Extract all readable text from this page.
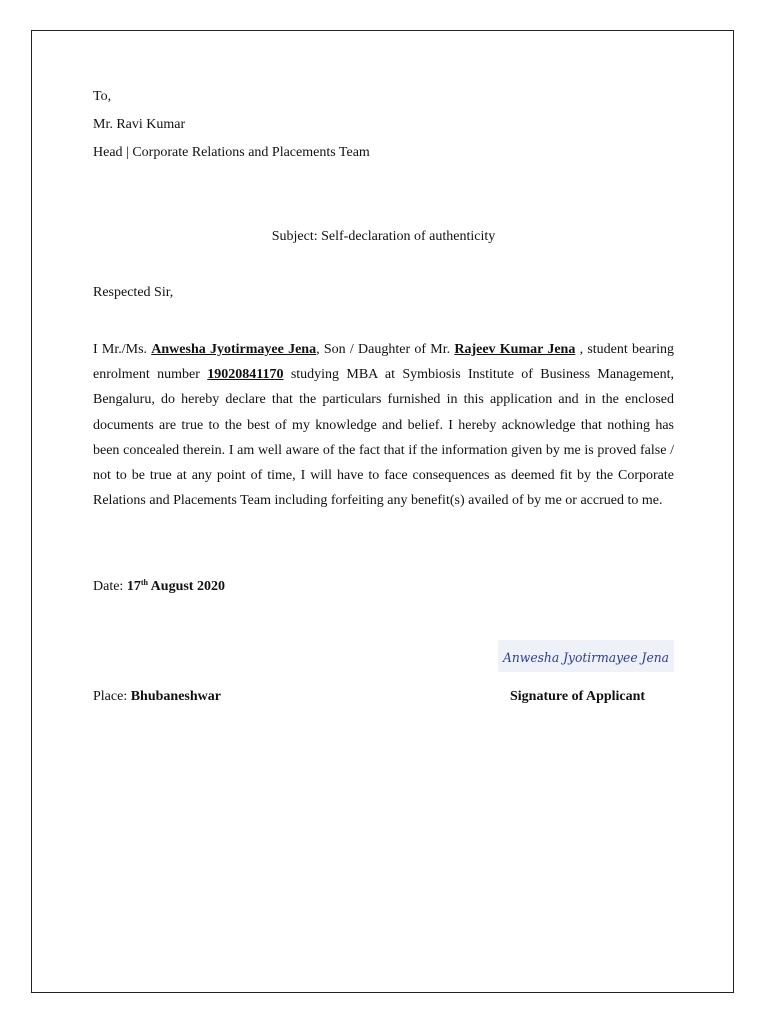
To,
Mr. Ravi Kumar
Head | Corporate Relations and Placements Team
Subject: Self-declaration of authenticity
Respected Sir,
I Mr./Ms. Anwesha Jyotirmayee Jena, Son / Daughter of Mr. Rajeev Kumar Jena , student bearing enrolment number 19020841170 studying MBA at Symbiosis Institute of Business Management, Bengaluru, do hereby declare that the particulars furnished in this application and in the enclosed documents are true to the best of my knowledge and belief. I hereby acknowledge that nothing has been concealed therein. I am well aware of the fact that if the information given by me is proved false / not to be true at any point of time, I will have to face consequences as deemed fit by the Corporate Relations and Placements Team including forfeiting any benefit(s) availed of by me or accrued to me.
Date: 17th August 2020
Anwesha Jyotirmayee Jena
Place: Bhubaneshwar	Signature of Applicant
